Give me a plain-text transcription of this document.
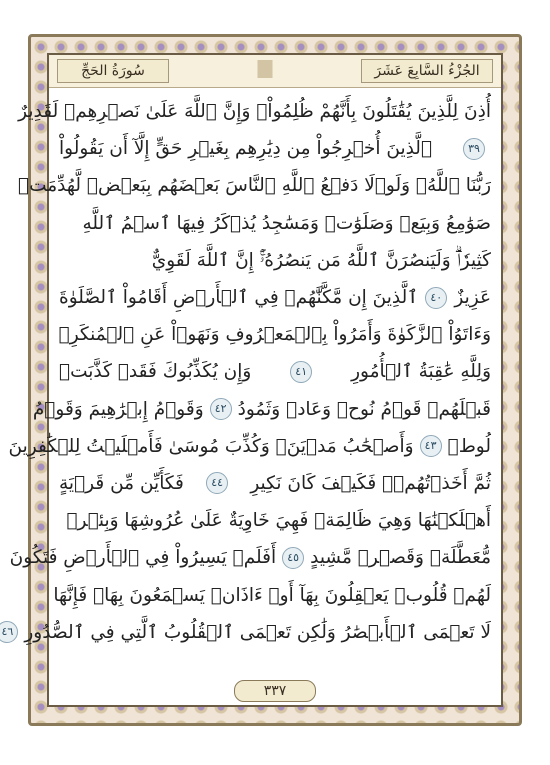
الجُزْءُ السَّابِعَ عَشَرَ
سُورَةُ الحَجِّ
أُذِنَ لِلَّذِينَ يُقَٰتَلُونَ بِأَنَّهُمْ ظُلِمُواْۚ وَإِنَّ ٱللَّهَ عَلَىٰ نَصۡرِهِمۡ لَقَدِيرٌ
٣٩
ٱلَّذِينَ أُخۡرِجُواْ مِن دِيَٰرِهِم بِغَيۡرِ حَقٍّ إِلَّآ أَن يَقُولُواْ
رَبُّنَا ٱللَّهُۗ وَلَوۡلَا دَفۡعُ ٱللَّهِ ٱلنَّاسَ بَعۡضَهُم بِبَعۡضٖ لَّهُدِّمَتۡ
صَوَٰمِعُ وَبِيَعٞ وَصَلَوَٰتٞ وَمَسَٰجِدُ يُذۡكَرُ فِيهَا ٱسۡمُ ٱللَّهِ
كَثِيرٗاۗ وَلَيَنصُرَنَّ ٱللَّهُ مَن يَنصُرُهُۥٓۚ إِنَّ ٱللَّهَ لَقَوِيٌّ
عَزِيزٌ
٤٠
ٱلَّذِينَ إِن مَّكَّنَّٰهُمۡ فِي ٱلۡأَرۡضِ أَقَامُواْ ٱلصَّلَوٰةَ
وَءَاتَوُاْ ٱلزَّكَوٰةَ وَأَمَرُواْ بِٱلۡمَعۡرُوفِ وَنَهَوۡاْ عَنِ ٱلۡمُنكَرِۗ
وَلِلَّهِ عَٰقِبَةُ ٱلۡأُمُورِ
٤١
وَإِن يُكَذِّبُوكَ فَقَدۡ كَذَّبَتۡ
قَبۡلَهُمۡ قَوۡمُ نُوحٖ وَعَادٞ وَثَمُودُ
٤٢
وَقَوۡمُ إِبۡرَٰهِيمَ وَقَوۡمُ
لُوطٖ
٤٣
وَأَصۡحَٰبُ مَدۡيَنَۖ وَكُذِّبَ مُوسَىٰ فَأَمۡلَيۡتُ لِلۡكَٰفِرِينَ
ثُمَّ أَخَذۡتُهُمۡۖ فَكَيۡفَ كَانَ نَكِيرِ
٤٤
فَكَأَيِّن مِّن قَرۡيَةٍ
أَهۡلَكۡنَٰهَا وَهِيَ ظَالِمَةٞ فَهِيَ خَاوِيَةٌ عَلَىٰ عُرُوشِهَا وَبِئۡرٖ
مُّعَطَّلَةٖ وَقَصۡرٖ مَّشِيدٍ
٤٥
أَفَلَمۡ يَسِيرُواْ فِي ٱلۡأَرۡضِ فَتَكُونَ
لَهُمۡ قُلُوبٞ يَعۡقِلُونَ بِهَآ أَوۡ ءَاذَانٞ يَسۡمَعُونَ بِهَاۖ فَإِنَّهَا
لَا تَعۡمَى ٱلۡأَبۡصَٰرُ وَلَٰكِن تَعۡمَى ٱلۡقُلُوبُ ٱلَّتِي فِي ٱلصُّدُورِ
٤٦
٣٣٧
